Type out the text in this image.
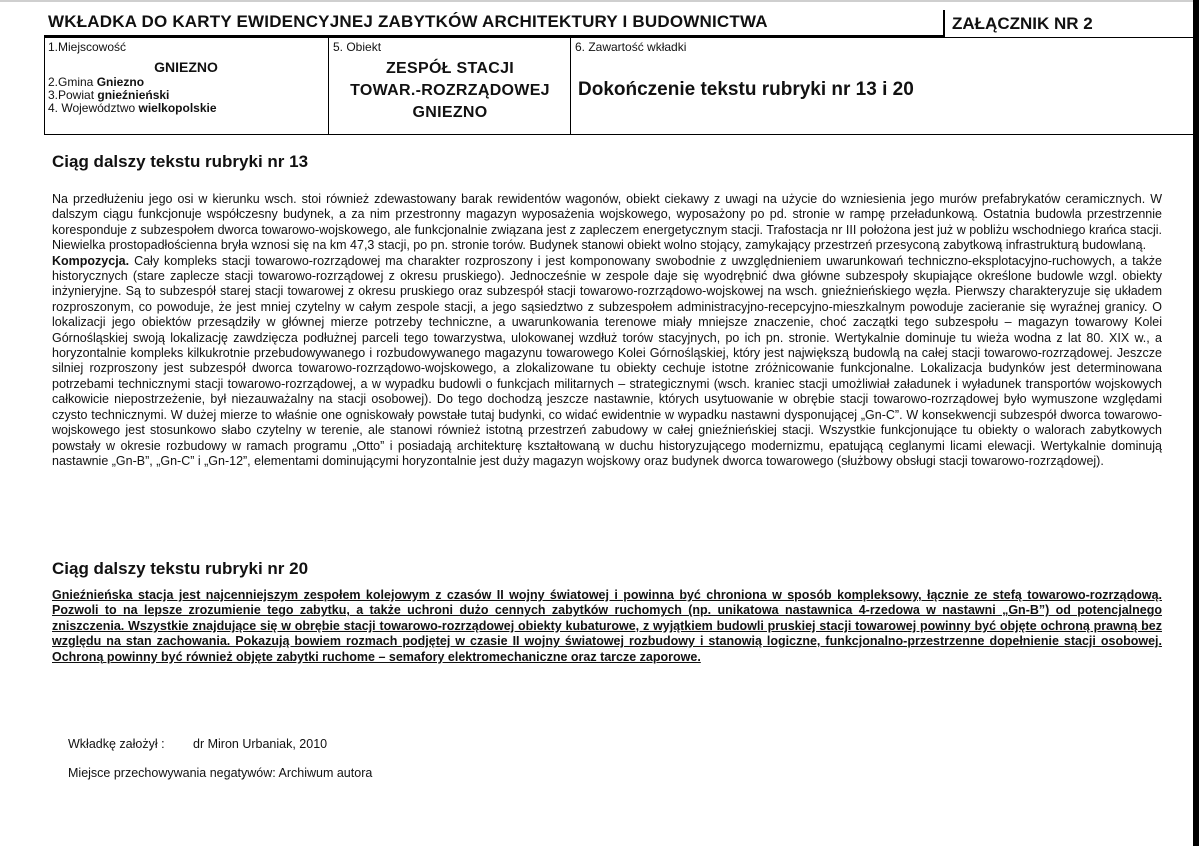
WKŁADKA DO KARTY EWIDENCYJNEJ ZABYTKÓW ARCHITEKTURY I BUDOWNICTWA	ZAŁĄCZNIK NR 2
1.Miejscowość
GNIEZNO
2.Gmina Gniezno
3.Powiat gnieźnieński
4. Województwo wielkopolskie
5. Obiekt
ZESPÓŁ STACJI
TOWAR.-ROZRZĄDOWEJ
GNIEZNO
6. Zawartość wkładki
Dokończenie tekstu rubryki nr 13 i 20
Ciąg dalszy tekstu rubryki nr 13

Na przedłużeniu jego osi w kierunku wsch. stoi również zdewastowany barak rewidentów wagonów, obiekt ciekawy z uwagi na użycie do wzniesienia jego murów prefabrykatów ceramicznych. W dalszym ciągu funkcjonuje współczesny budynek, a za nim przestronny magazyn wyposażenia wojskowego, wyposażony po pd. stronie w rampę przeładunkową. Ostatnia budowla przestrzennie koresponduje z subzespołem dworca towarowo-wojskowego, ale funkcjonalnie związana jest z zapleczem energetycznym stacji. Trafostacja nr III położona jest już w pobliżu wschodniego krańca stacji. Niewielka prostopadłościenna bryła wznosi się na km 47,3 stacji, po pn. stronie torów. Budynek stanowi obiekt wolno stojący, zamykający przestrzeń przesyconą zabytkową infrastrukturą budowlaną.

Kompozycja. Cały kompleks stacji towarowo-rozrządowej ma charakter rozproszony i jest komponowany swobodnie z uwzględnieniem uwarunkowań techniczno-eksplotacyjno-ruchowych, a także historycznych (stare zaplecze stacji towarowo-rozrządowej z okresu pruskiego). Jednocześnie w zespole daje się wyodrębnić dwa główne subzespoły skupiające określone budowle wzgl. obiekty inżynieryjne. Są to subzespół starej stacji towarowej z okresu pruskiego oraz subzespół stacji towarowo-rozrządowo-wojskowej na wsch. gnieźnieńskiego węzła. Pierwszy charakteryzuje się układem rozproszonym, co powoduje, że jest mniej czytelny w całym zespole stacji, a jego sąsiedztwo z subzespołem administracyjno-recepcyjno-mieszkalnym powoduje zacieranie się wyraźnej granicy. O lokalizacji jego obiektów przesądziły w głównej mierze potrzeby techniczne, a uwarunkowania terenowe miały mniejsze znaczenie, choć zaczątki tego subzespołu – magazyn towarowy Kolei Górnośląskiej swoją lokalizację zawdzięcza podłużnej parceli tego towarzystwa, ulokowanej wzdłuż torów stacyjnych, po ich pn. stronie. Wertykalnie dominuje tu wieża wodna z lat 80. XIX w., a horyzontalnie kompleks kilkukrotnie przebudowywanego i rozbudowywanego magazynu towarowego Kolei Górnośląskiej, który jest największą budowlą na całej stacji towarowo-rozrządowej. Jeszcze silniej rozproszony jest subzespół dworca towarowo-rozrządowo-wojskowego, a zlokalizowane tu obiekty cechuje istotne zróżnicowanie funkcjonalne. Lokalizacja budynków jest determinowana potrzebami technicznymi stacji towarowo-rozrządowej, a w wypadku budowli o funkcjach militarnych – strategicznymi (wsch. kraniec stacji umożliwiał załadunek i wyładunek transportów wojskowych całkowicie niepostrzeżenie, był niezauważalny na stacji osobowej). Do tego dochodzą jeszcze nastawnie, których usytuowanie w obrębie stacji towarowo-rozrządowej było wymuszone względami czysto technicznymi. W dużej mierze to właśnie one ogniskowały powstałe tutaj budynki, co widać ewidentnie w wypadku nastawni dysponującej „Gn-C”. W konsekwencji subzespół dworca towarowo-wojskowego jest stosunkowo słabo czytelny w terenie, ale stanowi również istotną przestrzeń zabudowy w całej gnieźnieńskiej stacji. Wszystkie funkcjonujące tu obiekty o walorach zabytkowych powstały w okresie rozbudowy w ramach programu „Otto” i posiadają architekturę kształtowaną w duchu historyzującego modernizmu, epatującą ceglanymi licami elewacji. Wertykalnie dominują nastawnie „Gn-B”, „Gn-C” i „Gn-12”, elementami dominującymi horyzontalnie jest duży magazyn wojskowy oraz budynek dworca towarowego (służbowy obsługi stacji towarowo-rozrządowej).

Ciąg dalszy tekstu rubryki nr 20

Gnieźnieńska stacja jest najcenniejszym zespołem kolejowym z czasów II wojny światowej i powinna być chroniona w sposób kompleksowy, łącznie ze stefą towarowo-rozrządową. Pozwoli to na lepsze zrozumienie tego zabytku, a także uchroni dużo cennych zabytków ruchomych (np. unikatowa nastawnica 4-rzedowa w nastawni „Gn-B”) od potencjalnego zniszczenia. Wszystkie znajdujące się w obrębie stacji towarowo-rozrządowej obiekty kubaturowe, z wyjątkiem budowli pruskiej stacji towarowej powinny być objęte ochroną prawną bez względu na stan zachowania. Pokazują bowiem rozmach podjętej w czasie II wojny światowej rozbudowy i stanowią logiczne, funkcjonalno-przestrzenne dopełnienie stacji osobowej. Ochroną powinny być również objęte zabytki ruchome – semafory elektromechaniczne oraz tarcze zaporowe.

Wkładkę założył : dr Miron Urbaniak, 2010
Miejsce przechowywania negatywów: Archiwum autora
